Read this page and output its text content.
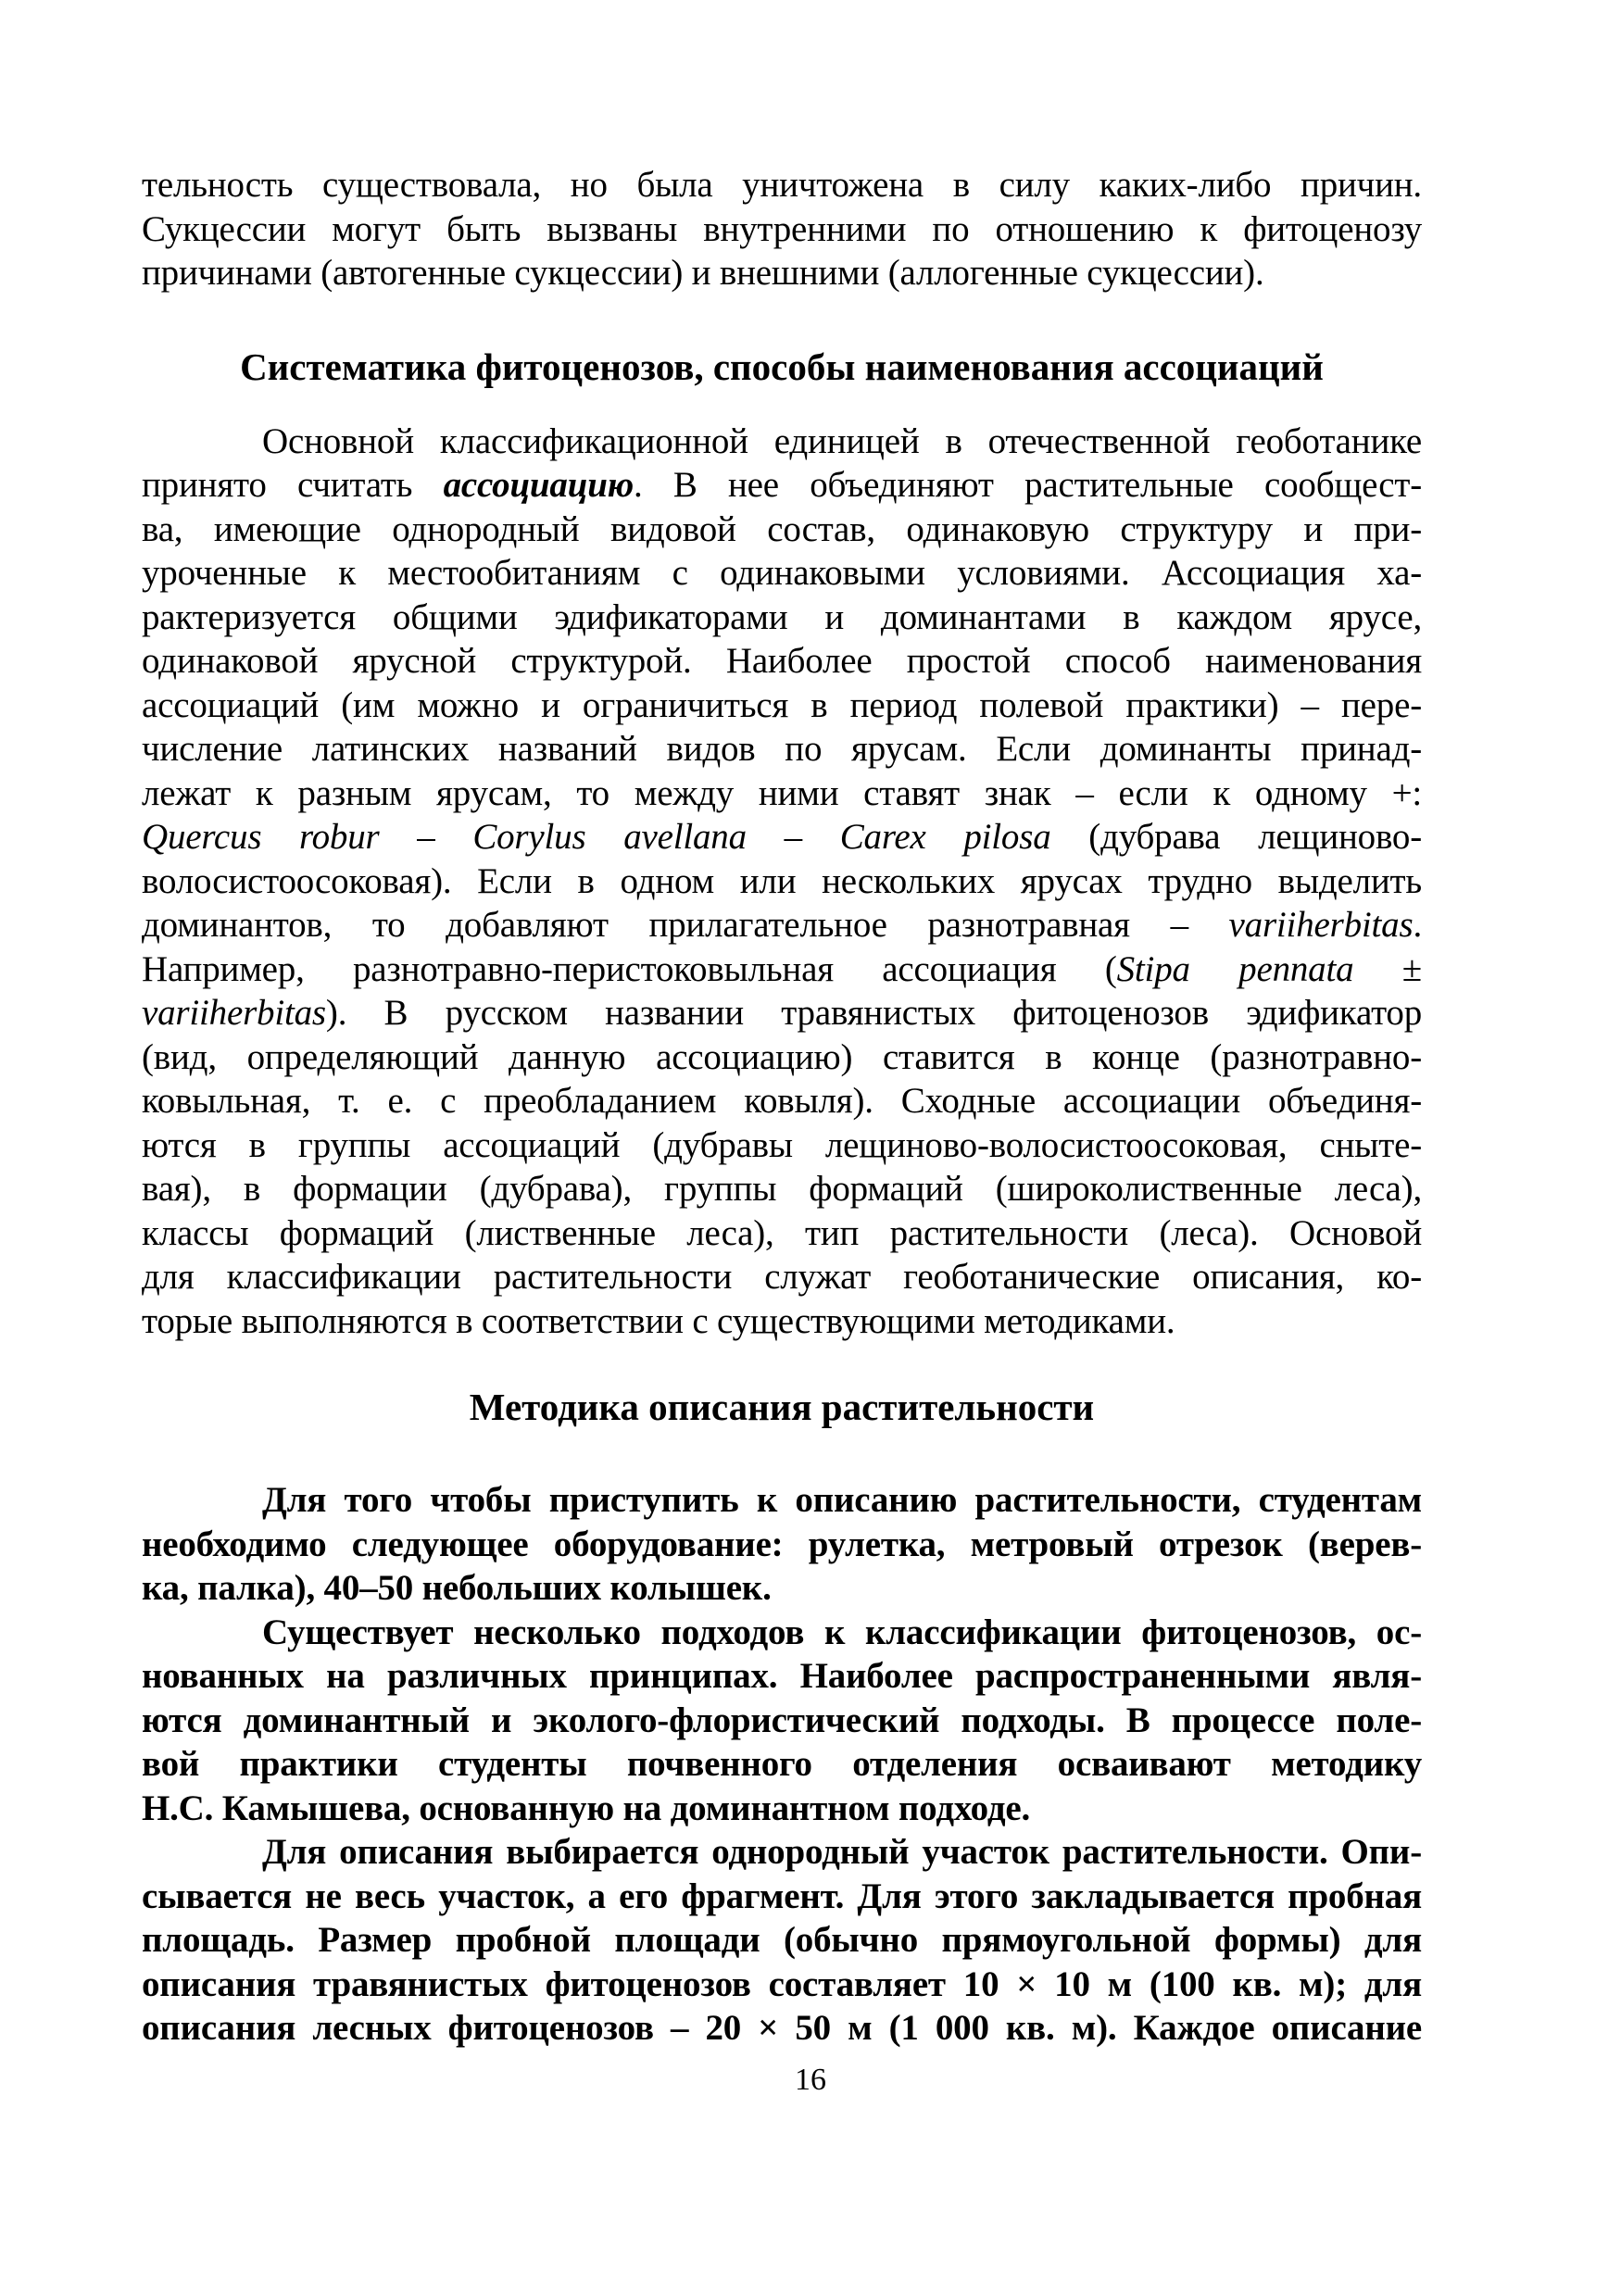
тельность существовала, но была уничтожена в силу каких-либо причин.
Сукцессии могут быть вызваны внутренними по отношению к фитоценозу
причинами (автогенные сукцессии) и внешними (аллогенные сукцессии).
Систематика фитоценозов, способы наименования ассоциаций
Основной классификационной единицей в отечественной геоботанике
принято считать ассоциацию. В нее объединяют растительные сообщест-
ва, имеющие однородный видовой состав, одинаковую структуру и при-
уроченные к местообитаниям с одинаковыми условиями. Ассоциация ха-
рактеризуется общими эдификаторами и доминантами в каждом ярусе,
одинаковой ярусной структурой. Наиболее простой способ наименования
ассоциаций (им можно и ограничиться в период полевой практики) – пере-
числение латинских названий видов по ярусам. Если доминанты принад-
лежат к разным ярусам, то между ними ставят знак – если к одному +:
Quercus robur – Corylus avellana – Carex pilosa (дубрава лещиново-
волосистоосоковая). Если в одном или нескольких ярусах трудно выделить
доминантов, то добавляют прилагательное разнотравная – variiherbitas.
Например, разнотравно-перистоковыльная ассоциация (Stipa pennata ±
variiherbitas). В русском названии травянистых фитоценозов эдификатор
(вид, определяющий данную ассоциацию) ставится в конце (разнотравно-
ковыльная, т. е. с преобладанием ковыля). Сходные ассоциации объединя-
ются в группы ассоциаций (дубравы лещиново-волосистоосоковая, сныте-
вая), в формации (дубрава), группы формаций (широколиственные леса),
классы формаций (лиственные леса), тип растительности (леса). Основой
для классификации растительности служат геоботанические описания, ко-
торые выполняются в соответствии с существующими методиками.
Методика описания растительности
Для того чтобы приступить к описанию растительности, студентам
необходимо следующее оборудование: рулетка, метровый отрезок (верев-
ка, палка), 40–50 небольших колышек.
Существует несколько подходов к классификации фитоценозов, ос-
нованных на различных принципах. Наиболее распространенными явля-
ются доминантный и эколого-флористический подходы. В процессе поле-
вой практики студенты почвенного отделения осваивают методику
Н.С. Камышева, основанную на доминантном подходе.
Для описания выбирается однородный участок растительности. Опи-
сывается не весь участок, а его фрагмент. Для этого закладывается пробная
площадь. Размер пробной площади (обычно прямоугольной формы) для
описания травянистых фитоценозов составляет 10 × 10 м (100 кв. м); для
описания лесных фитоценозов – 20 × 50 м (1 000 кв. м). Каждое описание
16
